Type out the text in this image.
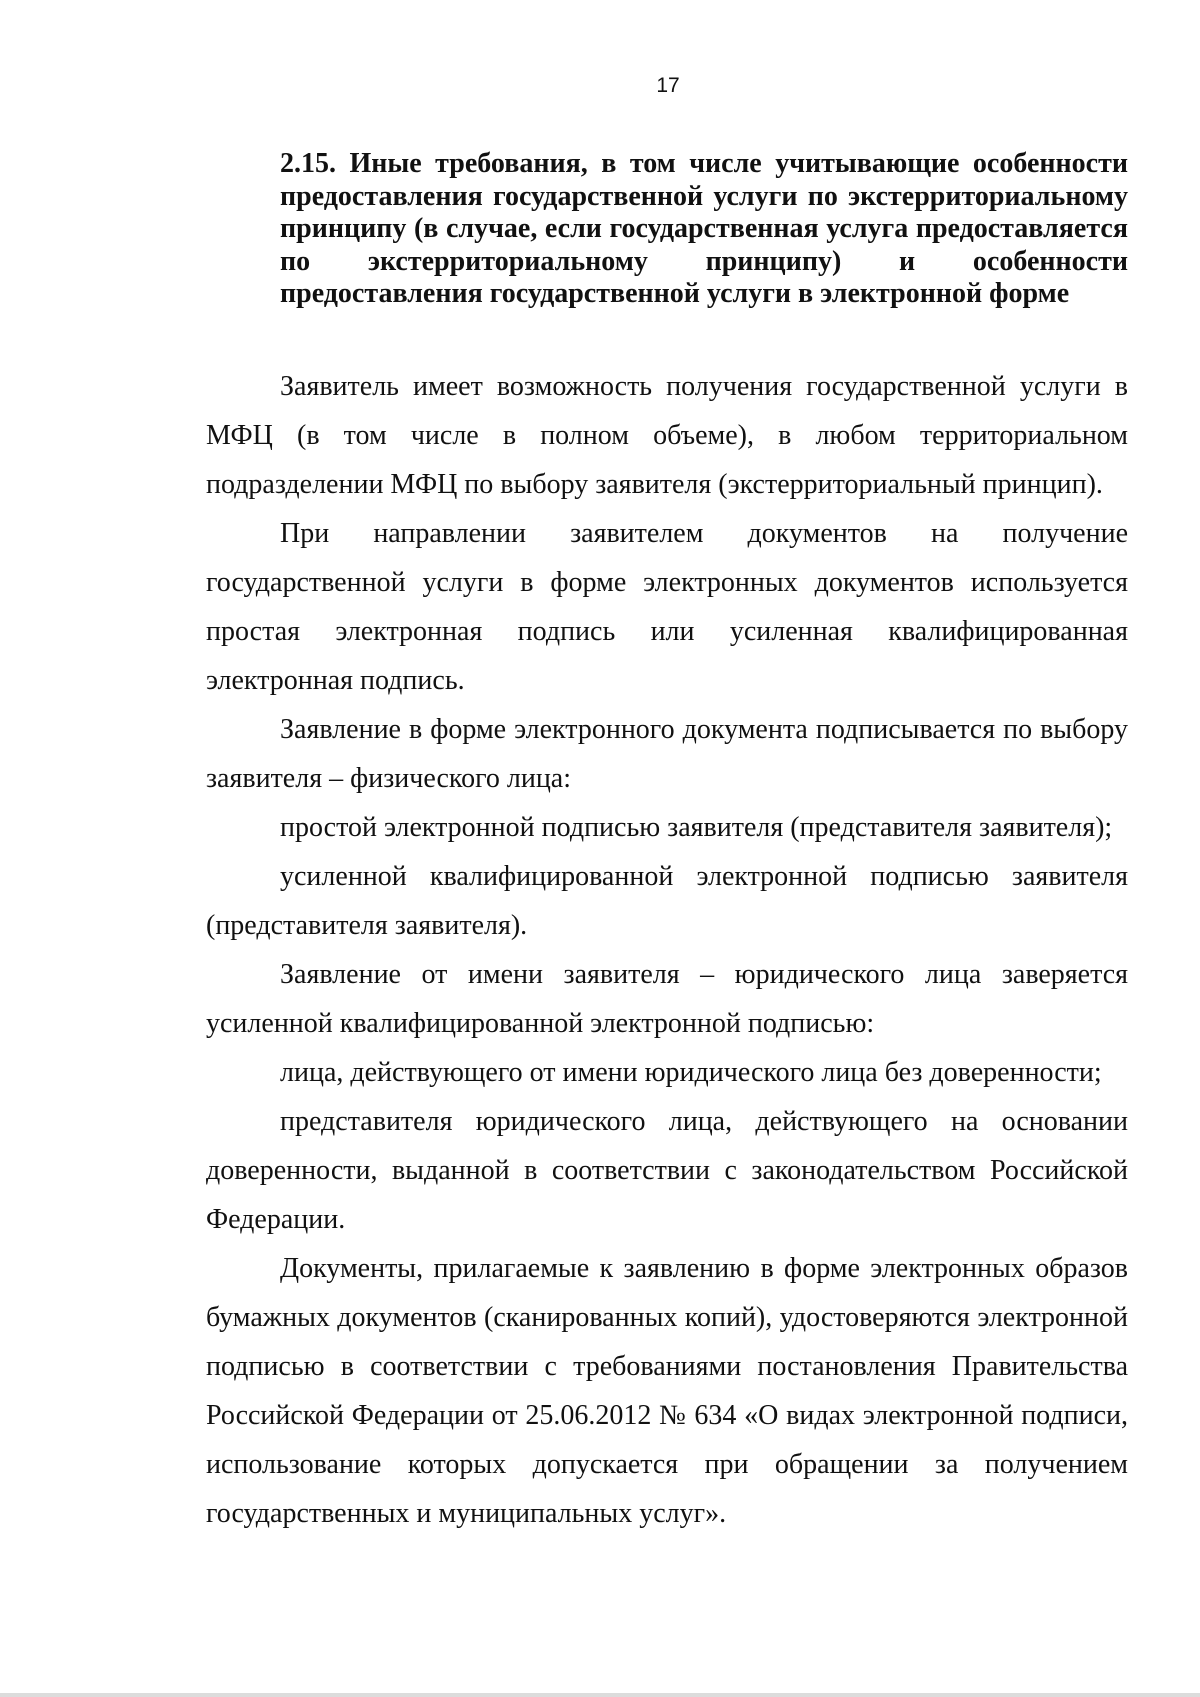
17
2.15. Иные требования, в том числе учитывающие особенности предоставления государственной услуги по экстерриториальному принципу (в случае, если государственная услуга предоставляется по экстерриториальному принципу) и особенности предоставления государственной услуги в электронной форме

Заявитель имеет возможность получения государственной услуги в МФЦ (в том числе в полном объеме), в любом территориальном подразделении МФЦ по выбору заявителя (экстерриториальный принцип).

При направлении заявителем документов на получение государственной услуги в форме электронных документов используется простая электронная подпись или усиленная квалифицированная электронная подпись.

Заявление в форме электронного документа подписывается по выбору заявителя – физического лица:

простой электронной подписью заявителя (представителя заявителя);

усиленной квалифицированной электронной подписью заявителя (представителя заявителя).

Заявление от имени заявителя – юридического лица заверяется усиленной квалифицированной электронной подписью:

лица, действующего от имени юридического лица без доверенности;

представителя юридического лица, действующего на основании доверенности, выданной в соответствии с законодательством Российской Федерации.

Документы, прилагаемые к заявлению в форме электронных образов бумажных документов (сканированных копий), удостоверяются электронной подписью в соответствии с требованиями постановления Правительства Российской Федерации от 25.06.2012 № 634 «О видах электронной подписи, использование которых допускается при обращении за получением государственных и муниципальных услуг».
